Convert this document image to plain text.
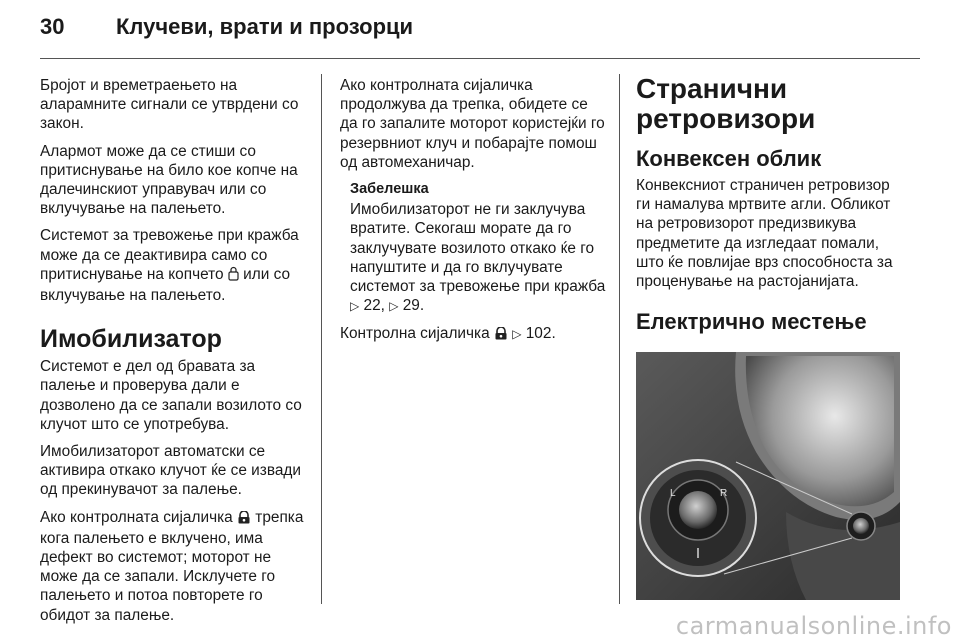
30 Клучеви, врати и прозорци

Бројот и времетраењето на аларамните сигнали се утврдени со закон.

Алармот може да се стиши со притиснување на било кое копче на далечинскиот управувач или со вклучување на палењето.

Системот за тревожење при кражба може да се деактивира само со притиснување на копчето  или со вклучување на палењето.

Имобилизатор

Системот е дел од бравата за палење и проверува дали е дозволено да се запали возилото со клучот што се употребува.

Имобилизаторот автоматски се активира откако клучот ќе се извади од прекинувачот за палење.

Ако контролната сијаличка  трепка кога палењето е вклучено, има дефект во системот; моторот не може да се запали. Исклучете го палењето и потоа повторете го обидот за палење.

Ако контролната сијаличка продолжува да трепка, обидете се да го запалите моторот користејќи го резервниот клуч и побарајте помош од автомеханичар.

Забелешка
Имобилизаторот не ги заклучува вратите. Секогаш морате да го заклучувате возилото откако ќе го напуштите и да го вклучувате системот за тревожење при кражба ▷ 22, ▷ 29.

Контролна сијаличка  ▷ 102.

Странични ретровизори
Конвексен облик

Конвексниот страничен ретровизор ги намалува мртвите агли. Обликот на ретровизорот предизвикува предметите да изгледаат помали, што ќе повлијае врз способноста за проценување на растојанијата.

Електрично местење
L	R
carmanualsonline.info
